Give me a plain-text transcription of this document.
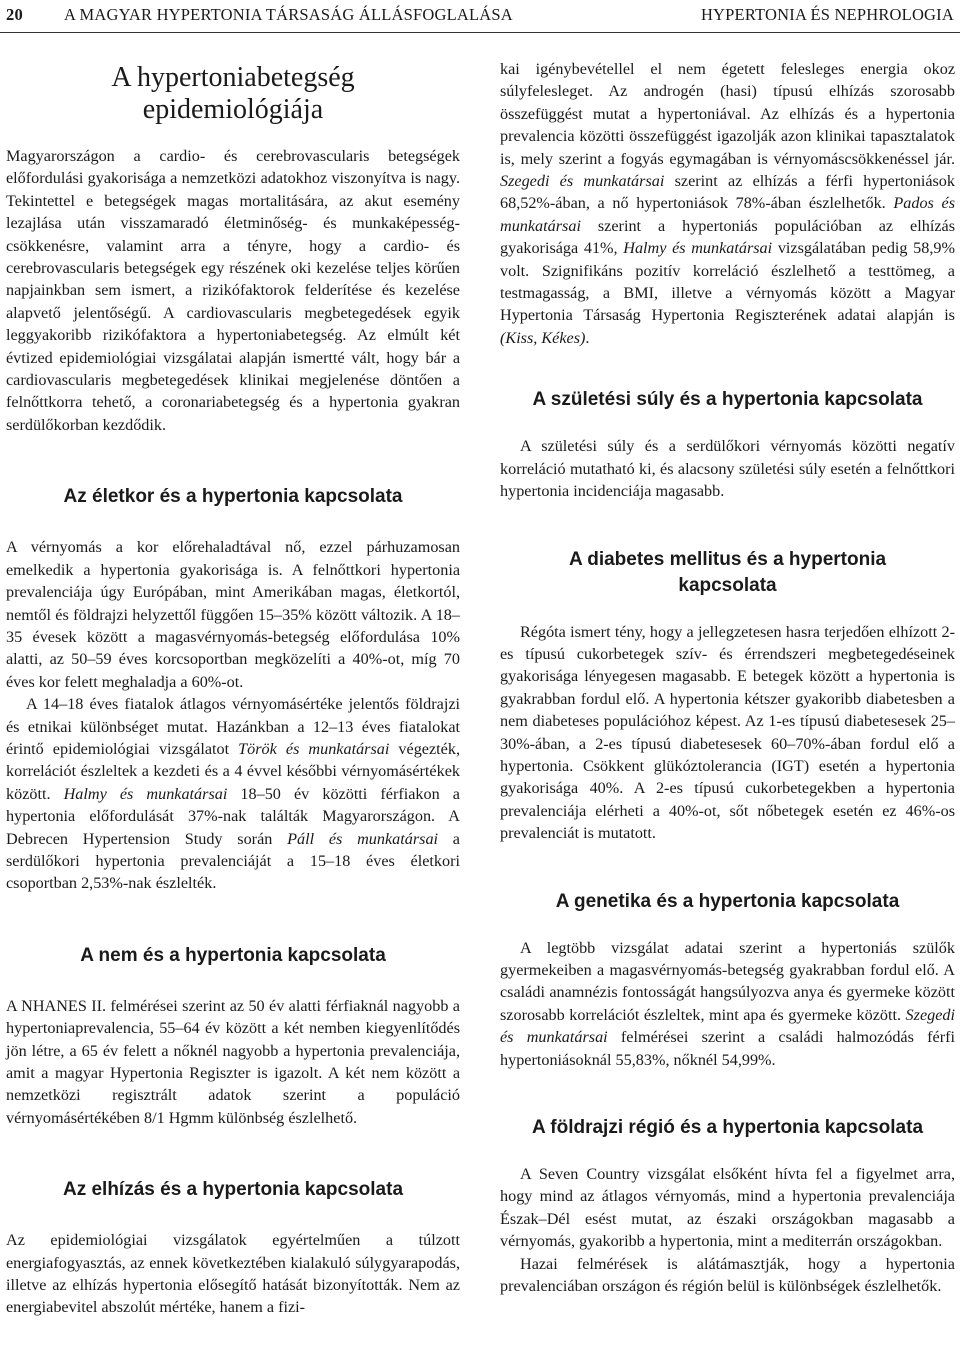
20 A MAGYAR HYPERTONIA TÁRSASÁG ÁLLÁSFOGLALÁSA	HYPERTONIA ÉS NEPHROLOGIA
A hypertoniabetegség
epidemiológiája

Magyarországon a cardio- és cerebrovascularis betegségek előfordulási gyakorisága a nemzetközi adatokhoz viszonyítva is nagy. Tekintettel e betegségek magas mortalitására, az akut esemény lezajlása után visszamaradó életminőség- és munkaképesség-csökkenésre, valamint arra a tényre, hogy a cardio- és cerebrovascularis betegségek egy részének oki kezelése teljes körűen napjainkban sem ismert, a rizikófaktorok felderítése és kezelése alapvető jelentőségű. A cardiovascularis megbetegedések egyik leggyakoribb rizikófaktora a hypertoniabetegség. Az elmúlt két évtized epidemiológiai vizsgálatai alapján ismertté vált, hogy bár a cardiovascularis megbetegedések klinikai megjelenése döntően a felnőttkorra tehető, a coronariabetegség és a hypertonia gyakran serdülőkorban kezdődik.

Az életkor és a hypertonia kapcsolata

A vérnyomás a kor előrehaladtával nő, ezzel párhuzamosan emelkedik a hypertonia gyakorisága is. A felnőttkori hypertonia prevalenciája úgy Európában, mint Amerikában magas, életkortól, nemtől és földrajzi helyzettől függően 15–35% között változik. A 18–35 évesek között a magasvérnyomás-betegség előfordulása 10% alatti, az 50–59 éves korcsoportban megközelíti a 40%-ot, míg 70 éves kor felett meghaladja a 60%-ot.

A 14–18 éves fiatalok átlagos vérnyomásértéke jelentős földrajzi és etnikai különbséget mutat. Hazánkban a 12–13 éves fiatalokat érintő epidemiológiai vizsgálatot Török és munkatársai végezték, korrelációt észleltek a kezdeti és a 4 évvel későbbi vérnyomásértékek között. Halmy és munkatársai 18–50 év közötti férfiakon a hypertonia előfordulását 37%-nak találták Magyarországon. A Debrecen Hypertension Study során Páll és munkatársai a serdülőkori hypertonia prevalenciáját a 15–18 éves életkori csoportban 2,53%-nak észlelték.

A nem és a hypertonia kapcsolata

A NHANES II. felmérései szerint az 50 év alatti férfiaknál nagyobb a hypertoniaprevalencia, 55–64 év között a két nemben kiegyenlítődés jön létre, a 65 év felett a nőknél nagyobb a hypertonia prevalenciája, amit a magyar Hypertonia Regiszter is igazolt. A két nem között a nemzetközi regisztrált adatok szerint a populáció vérnyomásértékében 8/1 Hgmm különbség észlelhető.

Az elhízás és a hypertonia kapcsolata

Az epidemiológiai vizsgálatok egyértelműen a túlzott energiafogyasztás, az ennek következtében kialakuló súlygyarapodás, illetve az elhízás hypertonia elősegítő hatását bizonyították. Nem az energiabevitel abszolút mértéke, hanem a fizi-

kai igénybevétellel el nem égetett felesleges energia okoz súlyfelesleget. Az androgén (hasi) típusú elhízás szorosabb összefüggést mutat a hypertoniával. Az elhízás és a hypertonia prevalencia közötti összefüggést igazolják azon klinikai tapasztalatok is, mely szerint a fogyás egymagában is vérnyomáscsökkenéssel jár. Szegedi és munkatársai szerint az elhízás a férfi hypertoniások 68,52%-ában, a nő hypertoniások 78%-ában észlelhetők. Pados és munkatársai szerint a hypertoniás populációban az elhízás gyakorisága 41%, Halmy és munkatársai vizsgálatában pedig 58,9% volt. Szignifikáns pozitív korreláció észlelhető a testtömeg, a testmagasság, a BMI, illetve a vérnyomás között a Magyar Hypertonia Társaság Hypertonia Regiszterének adatai alapján is (Kiss, Kékes).

A születési súly és a hypertonia kapcsolata

A születési súly és a serdülőkori vérnyomás közötti negatív korreláció mutatható ki, és alacsony születési súly esetén a felnőttkori hypertonia incidenciája magasabb.

A diabetes mellitus és a hypertonia
kapcsolata

Régóta ismert tény, hogy a jellegzetesen hasra terjedően elhízott 2-es típusú cukorbetegek szív- és érrendszeri megbetegedéseinek gyakorisága lényegesen magasabb. E betegek között a hypertonia is gyakrabban fordul elő. A hypertonia kétszer gyakoribb diabetesben a nem diabeteses populációhoz képest. Az 1-es típusú diabetesesek 25–30%-ában, a 2-es típusú diabetesesek 60–70%-ában fordul elő a hypertonia. Csökkent glükóztolerancia (IGT) esetén a hypertonia gyakorisága 40%. A 2-es típusú cukorbetegekben a hypertonia prevalenciája elérheti a 40%-ot, sőt nőbetegek esetén ez 46%-os prevalenciát is mutatott.

A genetika és a hypertonia kapcsolata

A legtöbb vizsgálat adatai szerint a hypertoniás szülők gyermekeiben a magasvérnyomás-betegség gyakrabban fordul elő. A családi anamnézis fontosságát hangsúlyozva anya és gyermeke között szorosabb korrelációt észleltek, mint apa és gyermeke között. Szegedi és munkatársai felmérései szerint a családi halmozódás férfi hypertoniásoknál 55,83%, nőknél 54,99%.

A földrajzi régió és a hypertonia kapcsolata

A Seven Country vizsgálat elsőként hívta fel a figyelmet arra, hogy mind az átlagos vérnyomás, mind a hypertonia prevalenciája Észak–Dél esést mutat, az északi országokban magasabb a vérnyomás, gyakoribb a hypertonia, mint a mediterrán országokban.

Hazai felmérések is alátámasztják, hogy a hypertonia prevalenciában országon és régión belül is különbségek észlelhetők.
